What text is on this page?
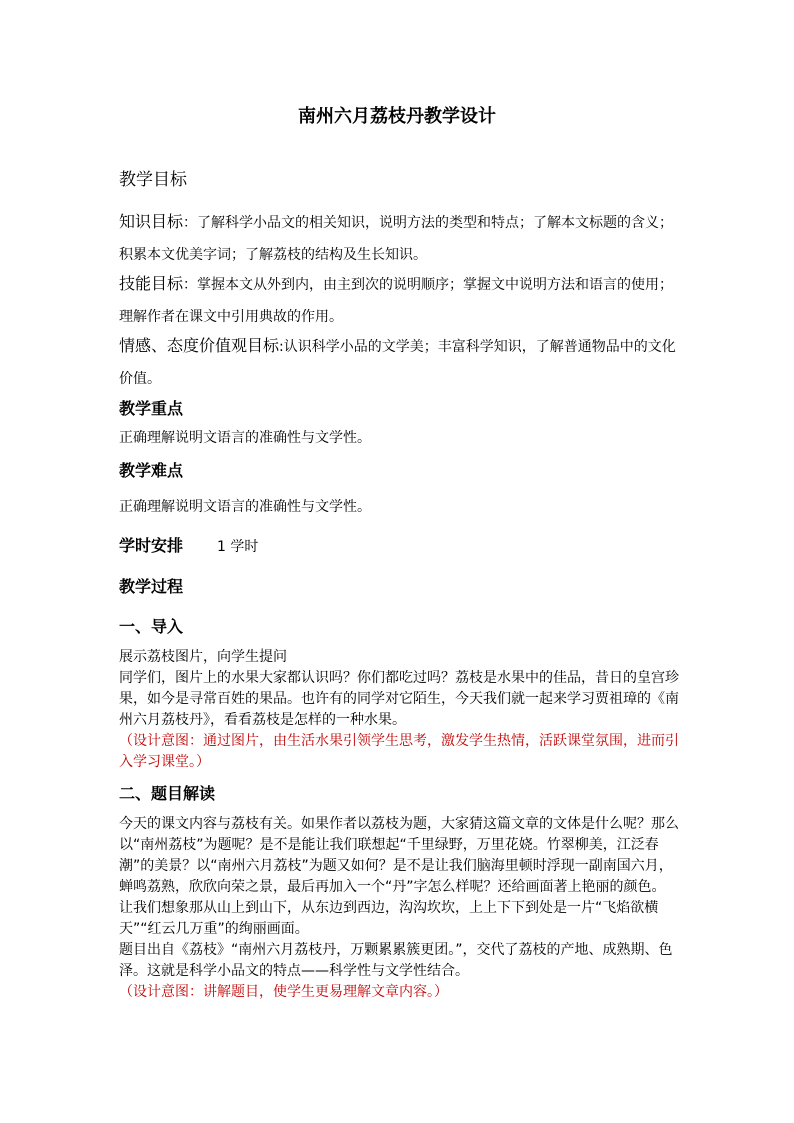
南州六月荔枝丹教学设计
教学目标
知识目标：了解科学小品文的相关知识，说明方法的类型和特点；了解本文标题的含义；积累本文优美字词；了解荔枝的结构及生长知识。
技能目标：掌握本文从外到内，由主到次的说明顺序；掌握文中说明方法和语言的使用；理解作者在课文中引用典故的作用。
情感、态度价值观目标:认识科学小品的文学美；丰富科学知识，了解普通物品中的文化价值。
教学重点
正确理解说明文语言的准确性与文学性。
教学难点
正确理解说明文语言的准确性与文学性。
学时安排 1 学时
教学过程
一、导入

展示荔枝图片，向学生提问

同学们，图片上的水果大家都认识吗？你们都吃过吗？荔枝是水果中的佳品，昔日的皇宫珍果，如今是寻常百姓的果品。也许有的同学对它陌生，今天我们就一起来学习贾祖璋的《南州六月荔枝丹》，看看荔枝是怎样的一种水果。

（设计意图：通过图片，由生活水果引领学生思考，激发学生热情，活跃课堂氛围，进而引入学习课堂。）

二、题目解读

今天的课文内容与荔枝有关。如果作者以荔枝为题，大家猜这篇文章的文体是什么呢？那么以“南州荔枝”为题呢？是不是能让我们联想起“千里绿野，万里花娆。竹翠柳美，江泛春潮”的美景？以“南州六月荔枝”为题又如何？是不是让我们脑海里顿时浮现一副南国六月，蝉鸣荔熟，欣欣向荣之景，最后再加入一个“丹”字怎么样呢？还给画面著上艳丽的颜色。让我们想象那从山上到山下，从东边到西边，沟沟坎坎，上上下下到处是一片“飞焰欲横天”“红云几万重”的绚丽画面。

题目出自《荔枝》“南州六月荔枝丹，万颗累累簇更团。”，交代了荔枝的产地、成熟期、色泽。这就是科学小品文的特点——科学性与文学性结合。

（设计意图：讲解题目，使学生更易理解文章内容。）
